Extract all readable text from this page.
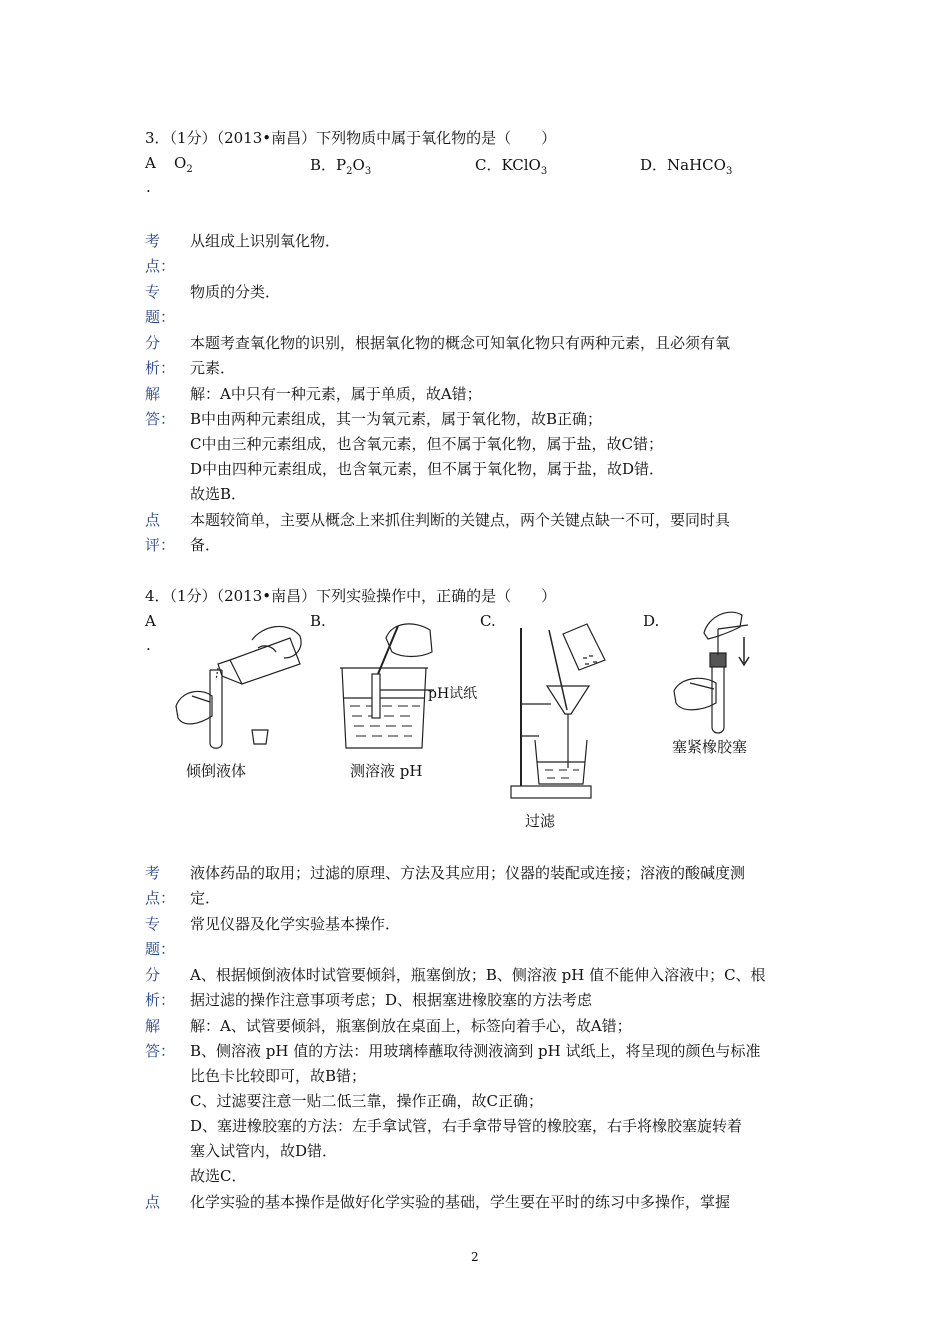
3．（1分）（2013•南昌）下列物质中属于氧化物的是（　　）
A
.
$O_2$	B．$P_2O_3$	C．KClO$_3$	D．NaHCO$_3$
考
点：
从组成上识别氧化物．
专
题：
物质的分类．
分
析：
本题考查氧化物的识别，根据氧化物的概念可知氧化物只有两种元素，且必须有氧
元素．
解
答：
解：A中只有一种元素，属于单质，故A错；
B中由两种元素组成，其一为氧元素，属于氧化物，故B正确；
C中由三种元素组成，也含氧元素，但不属于氧化物，属于盐，故C错；
D中由四种元素组成，也含氧元素，但不属于氧化物，属于盐，故D错．
故选B．
点
评：
本题较简单，主要从概念上来抓住判断的关键点，两个关键点缺一不可，要同时具
备．
4．（1分）（2013•南昌）下列实验操作中，正确的是（　　）
A
.
B.	C.	D.
倾倒液体
pH试纸
测溶液 pH
过滤
塞紧橡胶塞
考
点：
液体药品的取用；过滤的原理、方法及其应用；仪器的装配或连接；溶液的酸碱度测
定．
专
题：
常见仪器及化学实验基本操作．
分
析：
A、根据倾倒液体时试管要倾斜，瓶塞倒放；B、侧溶液 pH 值不能伸入溶液中；C、根
据过滤的操作注意事项考虑；D、根据塞进橡胶塞的方法考虑
解
答：
解：A、试管要倾斜，瓶塞倒放在桌面上，标签向着手心，故A错；
B、侧溶液 pH 值的方法：用玻璃棒蘸取待测液滴到 pH 试纸上，将呈现的颜色与标准
比色卡比较即可，故B错；
C、过滤要注意一贴二低三靠，操作正确，故C正确；
D、塞进橡胶塞的方法：左手拿试管，右手拿带导管的橡胶塞，右手将橡胶塞旋转着
塞入试管内，故D错．
故选C．
点 化学实验的基本操作是做好化学实验的基础，学生要在平时的练习中多操作，掌握
2
